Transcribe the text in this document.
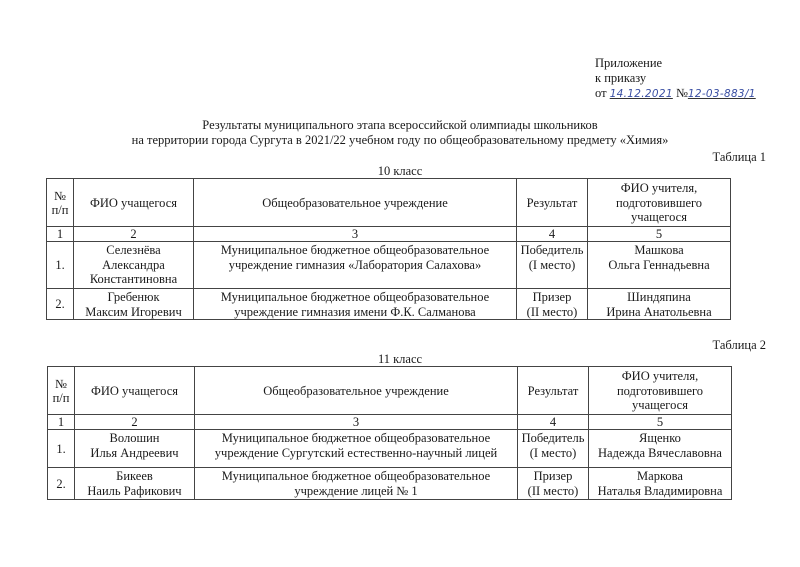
Приложение
к приказу
от 14.12.2021 №12-03-883/1
Результаты муниципального этапа всероссийской олимпиады школьников
на территории города Сургута в 2021/22 учебном году по общеобразовательному предмету «Химия»
Таблица 1
10 класс
№
п/п	ФИО учащегося	Общеобразовательное учреждение	Результат	ФИО учителя,
подготовившего
учащегося

1	2	3	4	5
1.	Селезнёва
Александра
Константиновна	Муниципальное бюджетное общеобразовательное
учреждение гимназия «Лаборатория Салахова»	Победитель
(I место)	Машкова
Ольга Геннадьевна

2.	Гребенюк
Максим Игоревич	Муниципальное бюджетное общеобразовательное
учреждение гимназия имени Ф.К. Салманова	Призер
(II место)	Шиндяпина
Ирина Анатольевна
Таблица 2
11 класс
№
п/п	ФИО учащегося	Общеобразовательное учреждение	Результат	ФИО учителя,
подготовившего
учащегося

1	2	3	4	5
1.	Волошин
Илья Андреевич	Муниципальное бюджетное общеобразовательное
учреждение Сургутский естественно-научный лицей	Победитель
(I место)	Ященко
Надежда Вячеславовна

2.	Бикеев
Наиль Рафикович	Муниципальное бюджетное общеобразовательное
учреждение лицей № 1	Призер
(II место)	Маркова
Наталья Владимировна
